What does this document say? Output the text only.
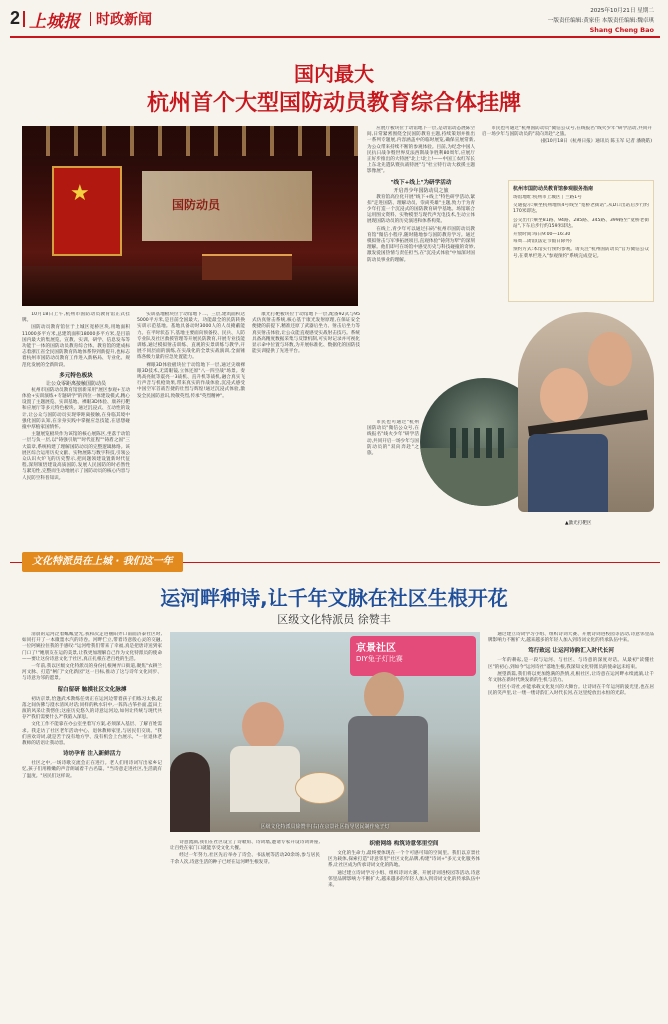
2 上城报 时政新闻
2025年10月21日 星期二
一版责任编辑:黄家佳 本版责任编辑:魏卓琪
Shang Cheng Bao
国内最大
杭州首个大型国防动员教育综合体挂牌
★	国防动员

10月18日上午,杭州市国防动员教育馆正式挂牌。

国防动员教育馆位于上城区宽桥区块,用地面积11000多平方米,总建筑面积18000多平方米,是目前国内最大的集展览、宣教、实训、研学、信息发布等功能于一体的国防动员教育综合体。教育馆的建成标志着浙江省全民国防教育阵地体系得到新提升,也标志着杭州市国防动员教育工作进入新格局、专业化、规范化发展的全新阶段。

多元特色板块
让公众零距离接触国防动员

杭州市国防动员教育馆创新采用"展区参观+互动体验+实训演练+专题研学"的四位一体建设模式,精心设置了主题展览、实训基地、裸眼3D体验、康养打靶和应展厅等多元特色板块。通过沉浸式、互动性的设计,让公众与国防动员实现零距离接触,在身临其境中强化国防认知,在亲身实践中掌握应急技能,在思想碰撞中厚植家国情怀。

主题展览板块作为该馆的核心展陈区,坐落于动馆一层与负一层,以"铸强引航""时代征程""铸盾之固"三大篇章,系统构建了理解国防动员的完整逻辑脉络。该展区综合运用历史文献、实物展陈与数字科技,引领公众认识火炉飞的历史警示,把问题领建设置新时代征程,深刻领悟建设高质国防,发展人民国防的时必然性与紧迫性,完整而生动地展示了国防动员的核心内容与人民防空科普知识。

实训基地板块位于动馆地下二、三层,建筑面积达5000平方米,是目前全国最大、功能最全的民防转换实训示范基地。基地具备动时3000人的人员掩蔽能力。在平时状态下,基地主要面向预备役、民兵、人防专业队及社区救援管理等开展民防教育,开展专业技能训练,通过模拟射击训练、直观的实景训练与教学,开展不同层面的演练,在实战化的全景实战演训,全面锤炼各级力量的应急处置能力。

裸眼3D体验板块位于动馆地下一层,通过尖端裸眼3D技术,无需眼镜,立体还原"八一四空战"场景。奏鸣高亮航等震亮一3战机、直升机等战机,融合真实飞行声音与机枪效果,带来真实的作战体验,沉浸式感受中国空军首战告捷的壮烈与辉煌!通过沉浸式体验,激发全民国防意识,致敬英烈,传承"英烈精神"。

康光打靶板块位于动馆地下一层,配备92式与95式仿真射击系统,核心基于康光发射原理,在保证安全便捷的前提下,精准还原了武器后坐力、射击后坐力等真实射击体验,让公众能直观感受实战射击技巧。系统具备高精度数据采集与反馈机制,可实时记录并可视化显示命中位置与环数,为开展标准化、数据化的国防技能实训提供了先进平台。

应展厅板块位于动馆地下一层,是动馆动态展陈空间,日常紧密围绕全民国防教育主题,持续策划并推出一系列专题展,内容涵盖中的临时展览,确保宣展常新,为公众带来持续不断的参观体验。目前,为纪念中国人民抗日战争暨世界反法西斯战争胜利80周年,应展厅正好步推出的大特展"北上!北上!——中国工农红军长上东北先遣队暨抗战特展"与"杜立特行动大救援主题影像展"。

"线下+线上"为研学活动
开启青少年国防动员之旅

教育馆高位化开展"线下+线上"特色研学活动,紧扣"走进国防、理解动员、崇尚英雄"主题,致力于为青少年打造一个沉浸式的国防教育研学基地。场馆联合运用图文资料、实物模型与现代声光电技术,生动立体展现国防动员的历史演进和体系构架。

在线上,青少年可以通过扫码"杭州市国防动员教育馆"微信小程序,随时随地参与国防教育学习。通过模拟射击与军事拓展项目,直观体验"铸剑为犁"的深刻理解。他们即可在场馆中感受历史与科技碰撞的奇妙,激发爱国热情与责任担当,在"沉浸式体验"中加深对国防动员事业的理解。

市民也可通过"杭州国防动员"微信公众号,在线报名"线火少年"研学活动,共同开启一场少年与国防动员的"双向奔赴"之旅。

市民也可通过"杭州国防动员"微信公众号,在线报名"线火少年"研学活动,共同开启一场少年与国防动员的"双向奔赴"之旅。

(据10月18日《杭州日报》通讯员 陈玉军 记者 潘晓皓)

杭州市国防动员教育馆参观服务指南
场馆地址:杭州市上城区丁兰路1号
交通提示:乘坐杭州地铁4号线至"宽桥老街站",从D口出站后步行约170米即达。
公交出行:乘坐81路、94路、285路、345路、399路至"宽桥老街站",下车后步行约159米即达。
开放时间:每日9:00—16:30
每周二闭馆(法定节假日除外)
预约方式:本馆实行预约参观。请关注"杭州国防动员"官方微信公众号,在菜单栏进入"参观预约"系统完成登记。
▲激光打靶区
文化特派员在上城 · 我们这一年
运河畔种诗,让千年文脉在社区生根开花
区级文化特派员 徐赞丰

清晨的运河泛着粼粼金光,我和次走进丽阳弄口南面济泰社区时,如同打开了一本微墨水汽的诗卷。河畔伫立,带着诗意般心灵的交融,一位阿姨拉住我的手感叹:"运河给我们带来了幸福,真是把唐诗送到家门口了!"她朋友在运的美景,让我更加理解自己作为文化特派员的使命——要让这份诗意文化于社区,真正扎根在老百姓的生活。

一年前,我以区级文化特派员的身份扎根闸弄口街道,聚焦"农耕兰河文脉、打造"闸门"文化新园"这一目标,推动了这与诗年文化同步、与诗意为邻的愿景。

留白留研 触摸社区文化脉搏

初访京景,恰逢武术教练任勇正在运河边带着孩子们练习太极,起落之间仿佛与澄水清风对话;同样的秋水轩中,一阵阵古筝扑面,蓝田上演的风采让我愣住;这座历史悠久的诗意运河边,如何让传统与现代共存?"我们需要什么?"我陷入深思。

文化工作不能靠在办公室坐着写方案,必须深入基层、了解百姓需求。我走访了社区老年活动中心、退休教师家里,与居民们交谈。"我们喜欢诗词,就是苦于没有地方学、没有机会上台展示。"一位退休老教师的话语让我动容。

诗坊孕育 注入新鲜活力

社区之中,一场诗歌交流会正在进行。老人们用诗词写出家乡记忆,孩子们用稚嫩的声音朗诵着千古名篇。"当诗意走进社区,生活就有了温度。"居民们这样说。

京景社区
DIY兔子灯比赛
区级文化特派员徐赞丰(右)在京景社区指导居民制作兔子灯

诗意流淌,我们在社区设立了诗歌角、诗词墙,邀请专家开设诗词讲座,让百姓在家门口就能享受文化大餐。

经过一年努力,社区先后举办了诗会、书法展等活动20余场,参与居民千余人次,诗意生活的种子已经在运河畔生根发芽。

织密网络 构筑诗意邻里空间

文化的生命力,最终要体现在一个个可感可知的空间里。我们以京景社区为载体,探索打造"诗意邻里"社区文化品牌,构建"诗词+"多元文化服务体系,让社区成为传承诗词文化的阵地。

通过建立诗词学习小组、组织诗词大赛、开展诗词进校园等活动,诗意邻里品牌影响力不断扩大,越来越多的年轻人加入到诗词文化的传承队伍中来。

通过建立诗词学习小组、组织诗词大赛、开展诗词进校园等活动,诗意邻里品牌影响力不断扩大,越来越多的年轻人加入到诗词文化的传承队伍中来。

笃行致远 让运河诗韵汇入时代长河

一年的耕耘,是一段与运河、与社区、与诗意的深度对话。从最初"读懂社区"的初心,到如今"运河诗社"落地生根,我深知文化特派员的使命远未结束。

展望新篇,我们将以更加饱满的热情,扎根社区,让诗意在运河畔永续流淌,让千年文脉在新时代焕发新的生机与活力。

社区小诗社,亦能承载文化复兴的大舞台。让诗词在千年运河的波光里,也在居民的笑声里,让一缕一缕诗韵汇入时代长河,在这里绽放出永恒的光彩。
